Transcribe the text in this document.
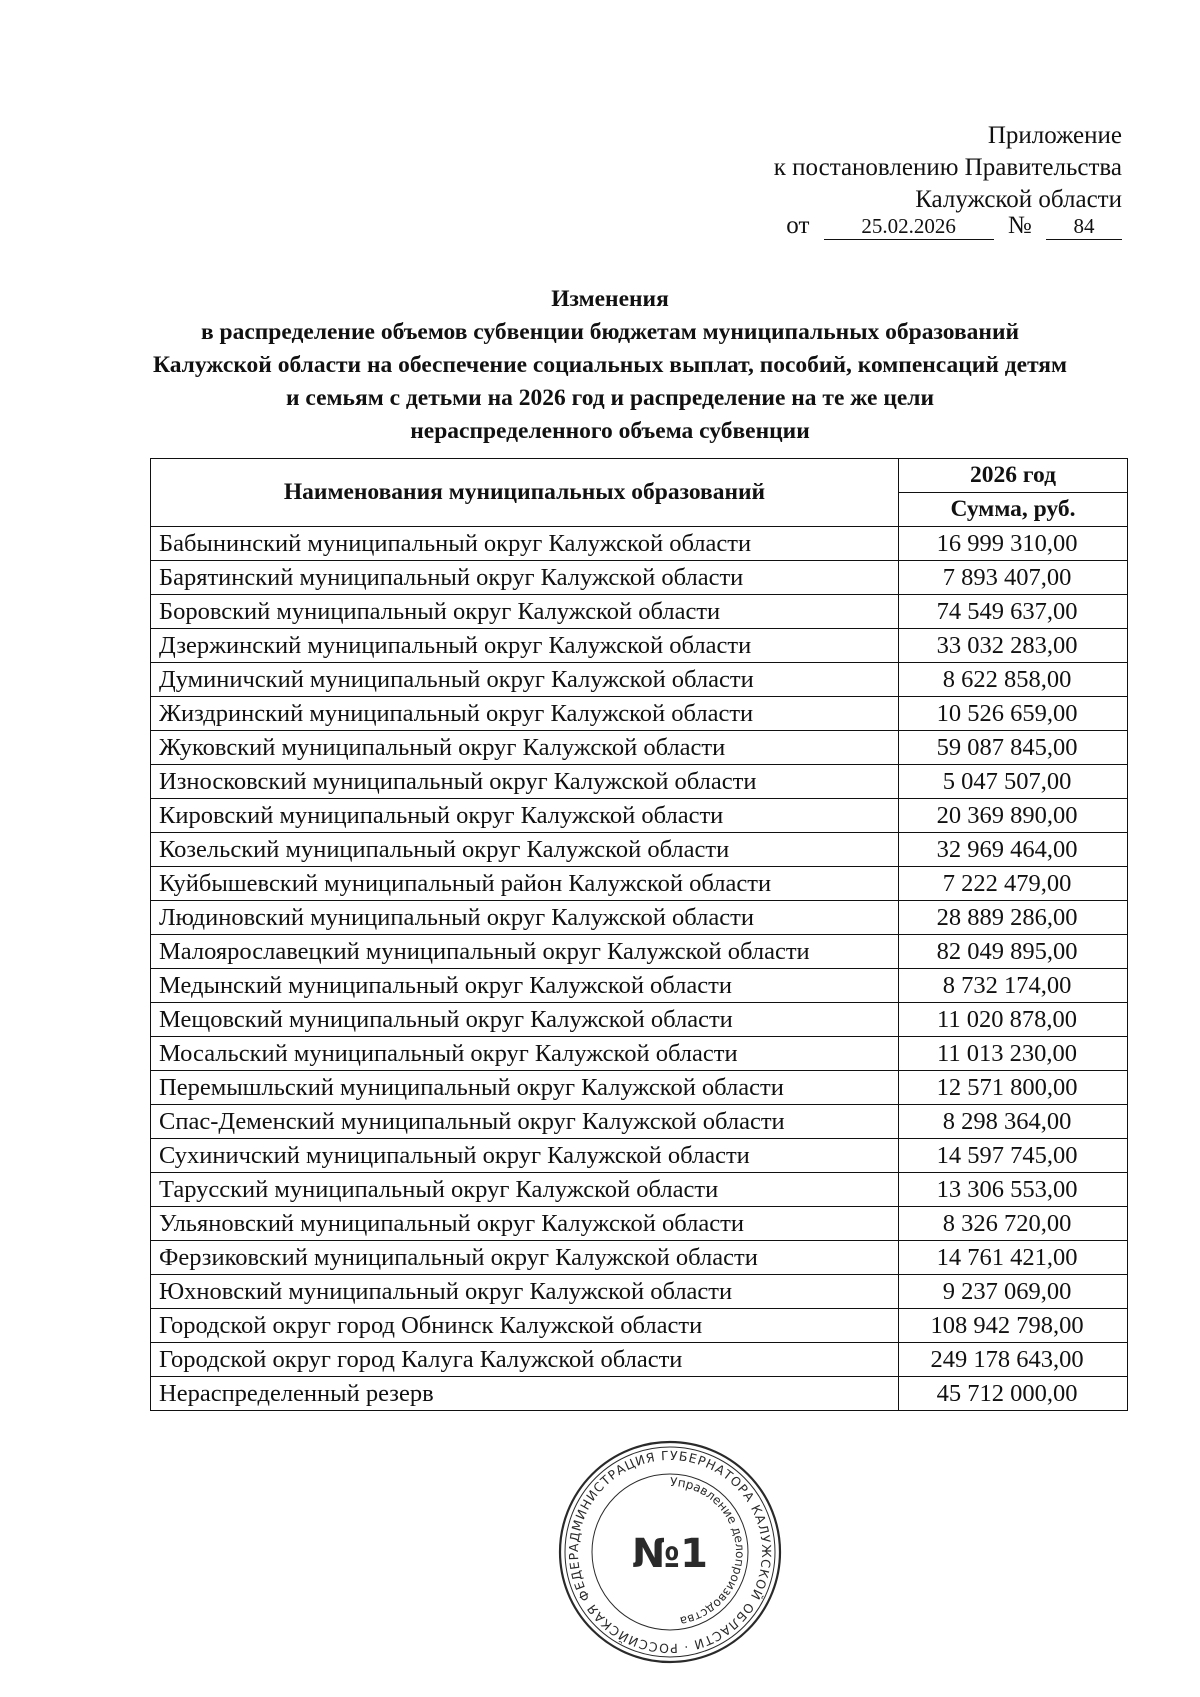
Приложение
к постановлению Правительства
Калужской области
от 25.02.2026 № 84
Изменения
в распределение объемов субвенции бюджетам муниципальных образований
Калужской области на обеспечение социальных выплат, пособий, компенсаций детям
и семьям с детьми на 2026 год и распределение на те же цели
нераспределенного объема субвенции
Наименования муниципальных образований	2026 год
	Сумма, руб.
Бабынинский муниципальный округ Калужской области	16 999 310,00
Барятинский муниципальный округ Калужской области	7 893 407,00
Боровский муниципальный округ Калужской области	74 549 637,00
Дзержинский муниципальный округ Калужской области	33 032 283,00
Думиничский муниципальный округ Калужской области	8 622 858,00
Жиздринский муниципальный округ Калужской области	10 526 659,00
Жуковский муниципальный округ Калужской области	59 087 845,00
Износковский муниципальный округ Калужской области	5 047 507,00
Кировский муниципальный округ Калужской области	20 369 890,00
Козельский муниципальный округ Калужской области	32 969 464,00
Куйбышевский муниципальный район Калужской области	7 222 479,00
Людиновский муниципальный округ Калужской области	28 889 286,00
Малоярославецкий муниципальный округ Калужской области	82 049 895,00
Медынский муниципальный округ Калужской области	8 732 174,00
Мещовский муниципальный округ Калужской области	11 020 878,00
Мосальский муниципальный округ Калужской области	11 013 230,00
Перемышльский муниципальный округ Калужской области	12 571 800,00
Спас-Деменский муниципальный округ Калужской области	8 298 364,00
Сухиничский муниципальный округ Калужской области	14 597 745,00
Тарусский муниципальный округ Калужской области	13 306 553,00
Ульяновский муниципальный округ Калужской области	8 326 720,00
Ферзиковский муниципальный округ Калужской области	14 761 421,00
Юхновский муниципальный округ Калужской области	9 237 069,00
Городской округ город Обнинск Калужской области	108 942 798,00
Городской округ город Калуга Калужской области	249 178 643,00
Нераспределенный резерв	45 712 000,00
АДМИНИСТРАЦИЯ ГУБЕРНАТОРА КАЛУЖСКОЙ ОБЛАСТИ · РОССИЙСКАЯ ФЕДЕР
Управление делопроизводства
№1
